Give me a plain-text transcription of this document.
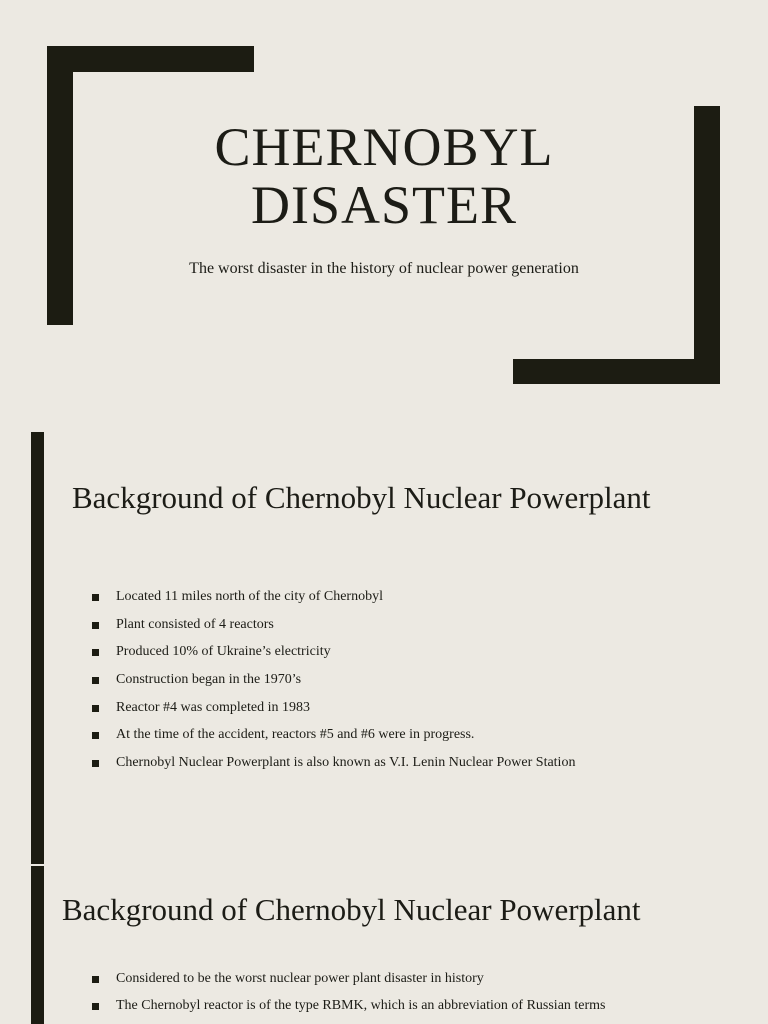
CHERNOBYL
DISASTER
The worst disaster in the history of nuclear power generation
Background of Chernobyl Nuclear Powerplant
Located 11 miles north of the city of Chernobyl
Plant consisted of 4 reactors
Produced 10% of Ukraine’s electricity
Construction began in the 1970’s
Reactor #4 was completed in 1983
At the time of the accident, reactors #5 and #6 were in progress.
Chernobyl Nuclear Powerplant is also known as V.I. Lenin Nuclear Power Station
Background of Chernobyl Nuclear Powerplant
Considered to be the worst nuclear power plant disaster in history
The Chernobyl reactor is of the type RBMK, which is an abbreviation of Russian terms
